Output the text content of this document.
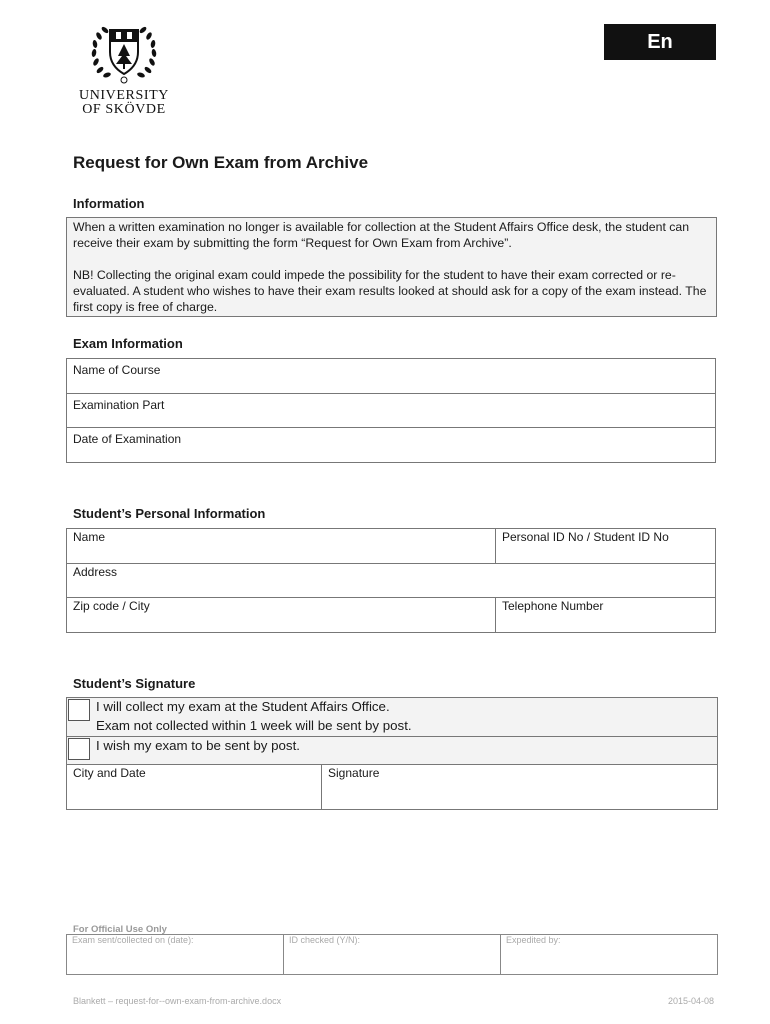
UNIVERSITY
OF SKÖVDE
En
Request for Own Exam from Archive
Information

When a written examination no longer is available for collection at the Student Affairs Office desk, the student can receive their exam by submitting the form “Request for Own Exam from Archive”.

NB! Collecting the original exam could impede the possibility for the student to have their exam corrected or re-evaluated. A student who wishes to have their exam results looked at should ask for a copy of the exam instead. The first copy is free of charge.

Exam Information
Name of Course
Examination Part
Date of Examination
Student’s Personal Information
Name	Personal ID No / Student ID No
Address
Zip code / City	Telephone Number
Student’s Signature
I will collect my exam at the Student Affairs Office.
Exam not collected within 1 week will be sent by post.
I wish my exam to be sent by post.
City and Date	Signature
For Official Use Only
Exam sent/collected on (date):	ID checked (Y/N):	Expedited by:
Blankett – request-for--own-exam-from-archive.docx	2015-04-08
